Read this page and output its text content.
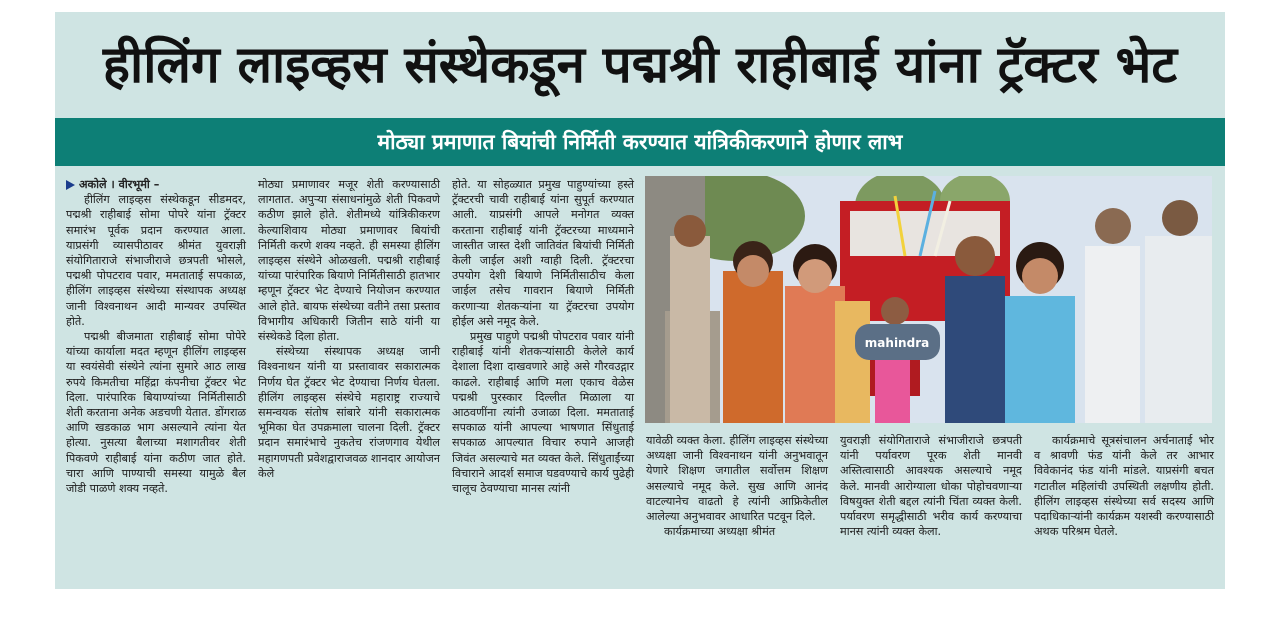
हीलिंग लाइव्हस संस्थेकडून पद्मश्री राहीबाई यांना ट्रॅक्टर भेट
मोठ्या प्रमाणात बियांची निर्मिती करण्यात यांत्रिकीकरणाने होणार लाभ

अकोले । वीरभूमी –

हीलिंग लाइव्हस संस्थेकडून सीडमदर, पद्मश्री राहीबाई सोमा पोपरे यांना ट्रॅक्टर समारंभ पूर्वक प्रदान करण्यात आला. याप्रसंगी व्यासपीठावर श्रीमंत युवराज्ञी संयोगिताराजे संभाजीराजे छत्रपती भोसले, पद्मश्री पोपटराव पवार, ममताताई सपकाळ, हीलिंग लाइव्हस संस्थेच्या संस्थापक अध्यक्ष जानी विश्वनाथन आदी मान्यवर उपस्थित होते.

पद्मश्री बीजमाता राहीबाई सोमा पोपेरे यांच्या कार्याला मदत म्हणून हीलिंग लाइव्हस या स्वयंसेवी संस्थेने त्यांना सुमारे आठ लाख रुपये किमतीचा महिंद्रा कंपनीचा ट्रॅक्टर भेट दिला. पारंपारिक बियाण्यांच्या निर्मितीसाठी शेती करताना अनेक अडचणी येतात. डोंगराळ आणि खडकाळ भाग असल्याने त्यांना येत होत्या. नुसत्या बैलाच्या मशागतीवर शेती पिकवणे राहीबाई यांना कठीण जात होते. चारा आणि पाण्याची समस्या यामुळे बैल जोडी पाळणे शक्य नव्हते.

मोठ्या प्रमाणावर मजूर शेती करण्यासाठी लागतात. अपुऱ्या संसाधनांमुळे शेती पिकवणे कठीण झाले होते. शेतीमध्ये यांत्रिकीकरण केल्याशिवाय मोठ्या प्रमाणावर बियांची निर्मिती करणे शक्य नव्हते. ही समस्या हीलिंग लाइव्हस संस्थेने ओळखली. पद्मश्री राहीबाई यांच्या पारंपारिक बियाणे निर्मितीसाठी हातभार म्हणून ट्रॅक्टर भेट देण्याचे नियोजन करण्यात आले होते. बायफ संस्थेच्या वतीने तसा प्रस्ताव विभागीय अधिकारी जितीन साठे यांनी या संस्थेकडे दिला होता.

संस्थेच्या संस्थापक अध्यक्ष जानी विश्वनाथन यांनी या प्रस्तावावर सकारात्मक निर्णय घेत ट्रॅक्टर भेट देण्याचा निर्णय घेतला. हीलिंग लाइव्हस संस्थेचे महाराष्ट्र राज्याचे समन्वयक संतोष सांबारे यांनी सकारात्मक भूमिका घेत उपक्रमाला चालना दिली. ट्रॅक्टर प्रदान समारंभाचे नुकतेच रांजणगाव येथील महागणपती प्रवेशद्वाराजवळ शानदार आयोजन केले

होते. या सोहळ्यात प्रमुख पाहुण्यांच्या हस्ते ट्रॅक्टरची चावी राहीबाई यांना सुपूर्त करण्यात आली. याप्रसंगी आपले मनोगत व्यक्त करताना राहीबाई यांनी ट्रॅक्टरच्या माध्यमाने जास्तीत जास्त देशी जातिवंत बियांची निर्मिती केली जाईल अशी ग्वाही दिली. ट्रॅक्टरचा उपयोग देशी बियाणे निर्मितीसाठीच केला जाईल तसेच गावरान बियाणे निर्मिती करणाऱ्या शेतकऱ्यांना या ट्रॅक्टरचा उपयोग होईल असे नमूद केले.

प्रमुख पाहुणे पद्मश्री पोपटराव पवार यांनी राहीबाई यांनी शेतकऱ्यांसाठी केलेले कार्य देशाला दिशा दाखवणारे आहे असे गौरवउद्गार काढले. राहीबाई आणि मला एकाच वेळेस पद्मश्री पुरस्कार दिल्लीत मिळाला या आठवणींना त्यांनी उजाळा दिला. ममताताई सपकाळ यांनी आपल्या भाषणात सिंधुताई सपकाळ आपल्यात विचार रुपाने आजही जिवंत असल्याचे मत व्यक्त केले. सिंधुताईंच्या विचाराने आदर्श समाज घडवण्याचे कार्य पुढेही चालूच ठेवण्याचा मानस त्यांनी

mahindra

यावेळी व्यक्त केला. हीलिंग लाइव्हस संस्थेच्या अध्यक्षा जानी विश्वनाथन यांनी अनुभवातून येणारे शिक्षण जगातील सर्वोत्तम शिक्षण असल्याचे नमूद केले. सुख आणि आनंद वाटल्यानेच वाढतो हे त्यांनी आफ्रिकेतील आलेल्या अनुभवावर आधारित पटवून दिले.

कार्यक्रमाच्या अध्यक्षा श्रीमंत

युवराज्ञी संयोगिताराजे संभाजीराजे छत्रपती यांनी पर्यावरण पूरक शेती मानवी अस्तित्वासाठी आवश्यक असल्याचे नमूद केले. मानवी आरोग्याला धोका पोहोचवणाऱ्या विषयुक्त शेती बद्दल त्यांनी चिंता व्यक्त केली. पर्यावरण समृद्धीसाठी भरीव कार्य करण्याचा मानस त्यांनी व्यक्त केला.

कार्यक्रमाचे सूत्रसंचालन अर्चनाताई भोर व श्रावणी फंड यांनी केले तर आभार विवेकानंद फंड यांनी मांडले. याप्रसंगी बचत गटातील महिलांची उपस्थिती लक्षणीय होती. हीलिंग लाइव्हस संस्थेच्या सर्व सदस्य आणि पदाधिकाऱ्यांनी कार्यक्रम यशस्वी करण्यासाठी अथक परिश्रम घेतले.
